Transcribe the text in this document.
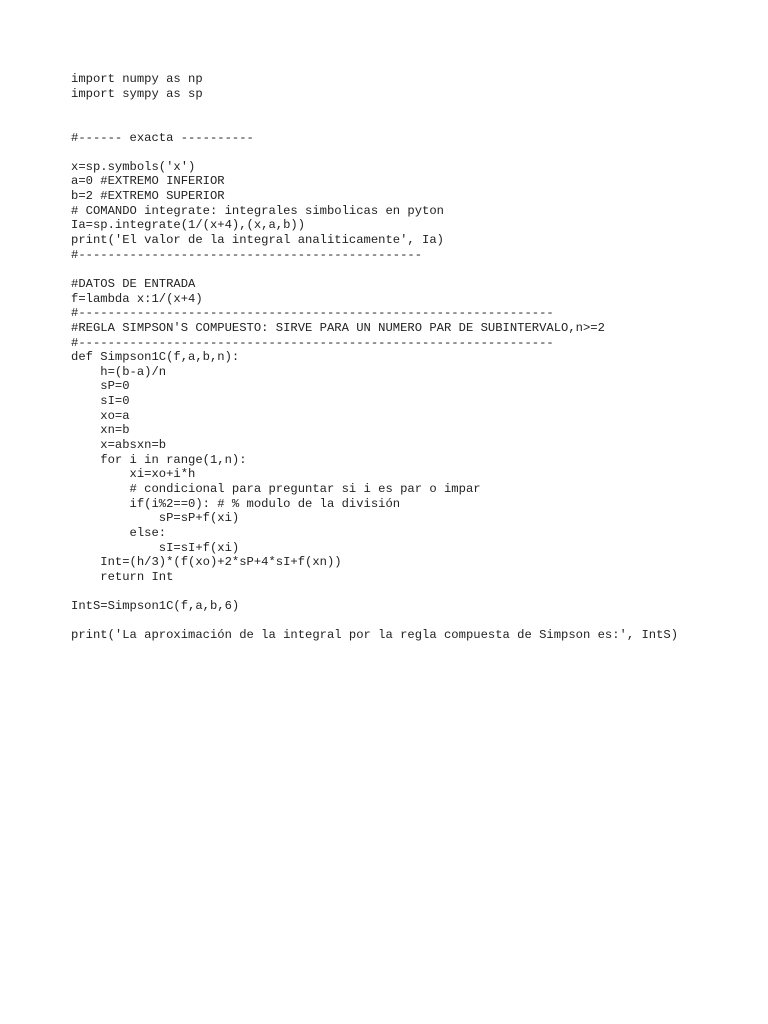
import numpy as np
import sympy as sp
#------ exacta ----------
x=sp.symbols('x')
a=0 #EXTREMO INFERIOR
b=2 #EXTREMO SUPERIOR
# COMANDO integrate: integrales simbolicas en pyton
Ia=sp.integrate(1/(x+4),(x,a,b))
print('El valor de la integral analiticamente', Ia)
#-----------------------------------------------
#DATOS DE ENTRADA
f=lambda x:1/(x+4)
#-----------------------------------------------------------------
#REGLA SIMPSON'S COMPUESTO: SIRVE PARA UN NUMERO PAR DE SUBINTERVALO,n>=2
#-----------------------------------------------------------------
def Simpson1C(f,a,b,n):
h=(b-a)/n
sP=0
sI=0
xo=a
xn=b
x=absxn=b
for i in range(1,n):
xi=xo+i*h
# condicional para preguntar si i es par o impar
if(i%2==0): # % modulo de la división
sP=sP+f(xi)
else:
sI=sI+f(xi)
Int=(h/3)*(f(xo)+2*sP+4*sI+f(xn))
return Int
IntS=Simpson1C(f,a,b,6)
print('La aproximación de la integral por la regla compuesta de Simpson es:', IntS)
